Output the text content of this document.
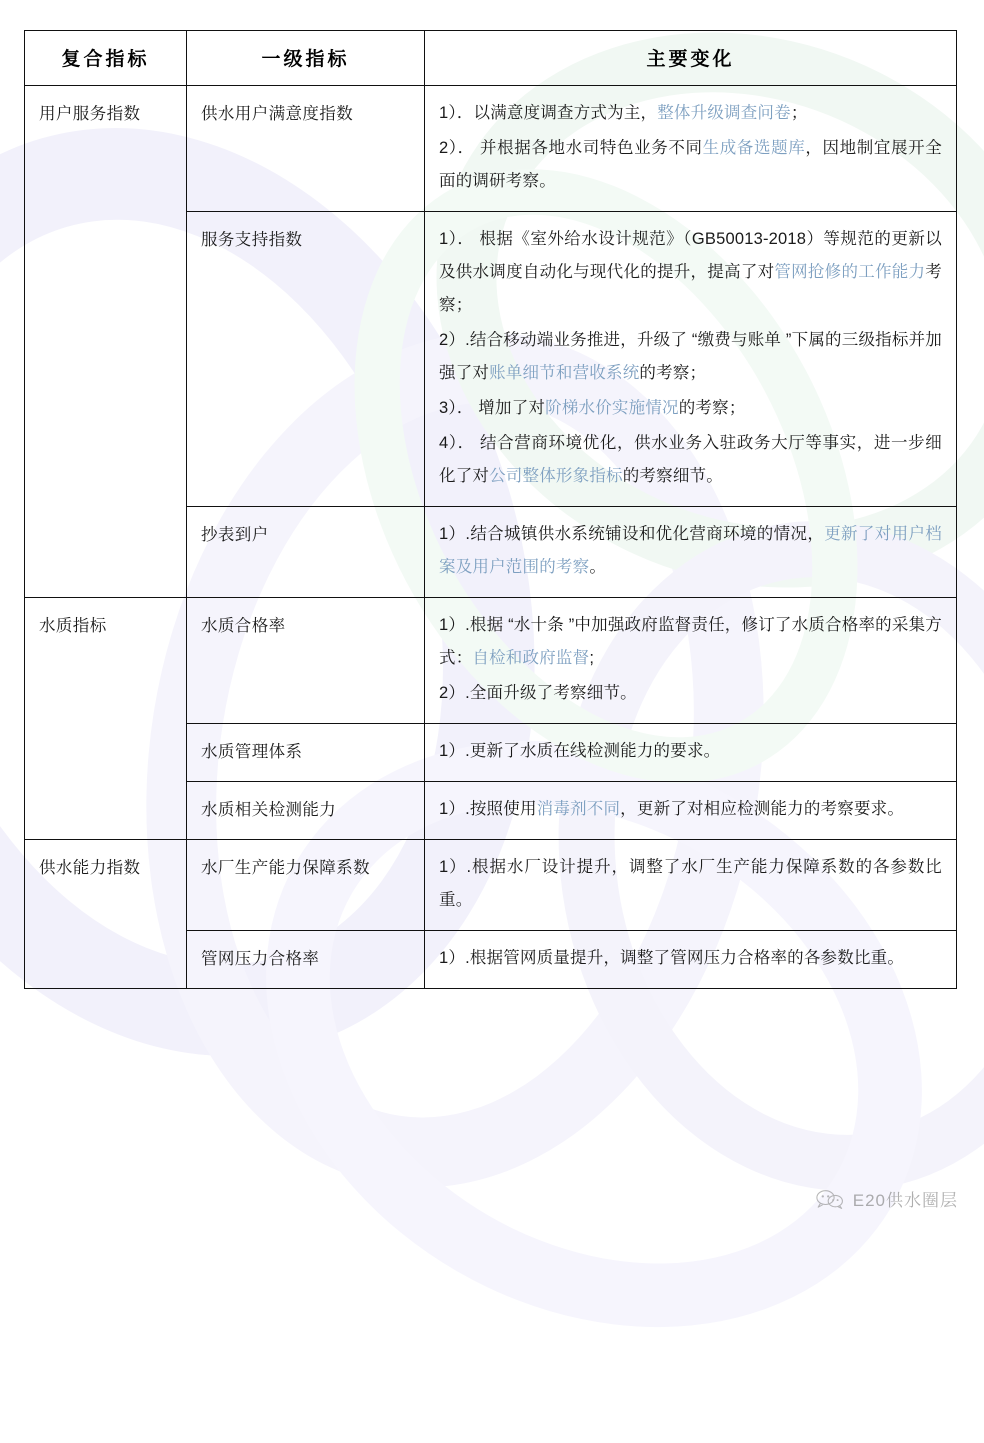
复合指标	一级指标	主要变化
用户服务指数	供水用户满意度指数	1）．以满意度调查方式为主，整体升级调查问卷；

2）． 并根据各地水司特色业务不同生成备选题库，因地制宜展开全面的调研考察。

	服务支持指数	1）． 根据《室外给水设计规范》（GB50013-2018）等规范的更新以及供水调度自动化与现代化的提升，提高了对管网抢修的工作能力考察；

2）.结合移动端业务推进，升级了 “缴费与账单 ”下属的三级指标并加强了对账单细节和营收系统的考察；

3）． 增加了对阶梯水价实施情况的考察；

4）． 结合营商环境优化，供水业务入驻政务大厅等事实，进一步细化了对公司整体形象指标的考察细节。

	抄表到户	1）.结合城镇供水系统铺设和优化营商环境的情况，更新了对用户档案及用户范围的考察。

水质指标	水质合格率	1）.根据 “水十条 ”中加强政府监督责任，修订了水质合格率的采集方式：自检和政府监督;

2）.全面升级了考察细节。

	水质管理体系	1）.更新了水质在线检测能力的要求。

	水质相关检测能力	1）.按照使用消毒剂不同，更新了对相应检测能力的考察要求。

供水能力指数	水厂生产能力保障系数	1）.根据水厂设计提升，调整了水厂生产能力保障系数的各参数比重。

	管网压力合格率	1）.根据管网质量提升，调整了管网压力合格率的各参数比重。

E20供水圈层
